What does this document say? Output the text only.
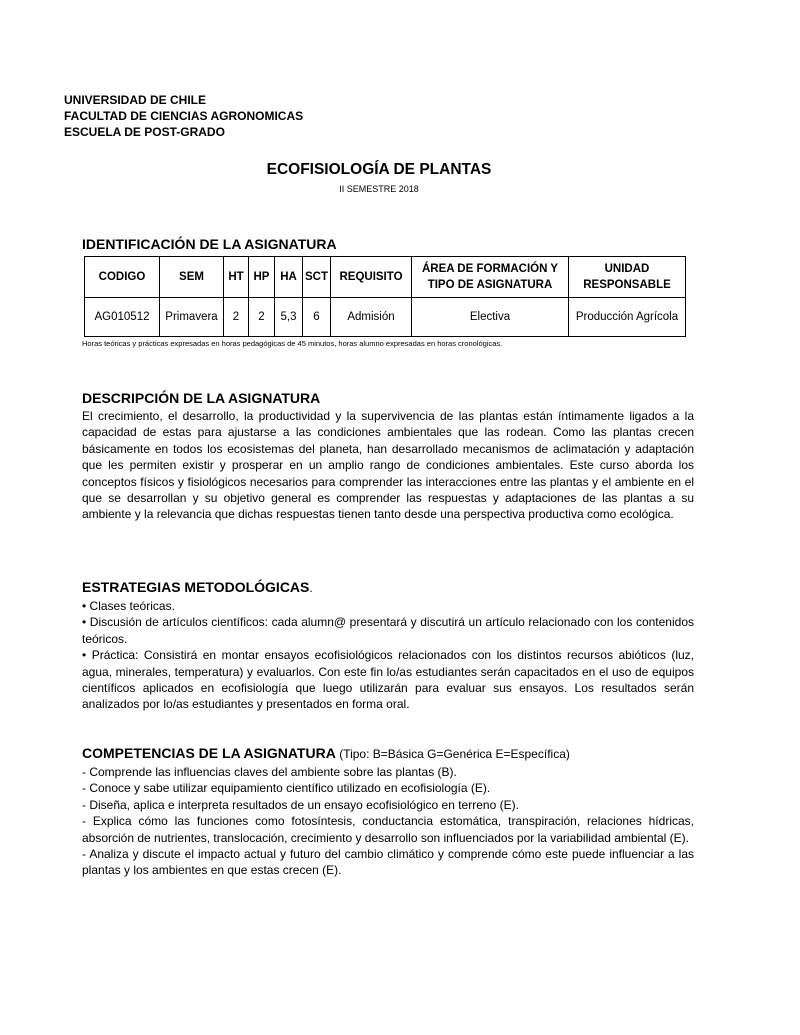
UNIVERSIDAD DE CHILE
FACULTAD DE CIENCIAS AGRONOMICAS
ESCUELA DE POST-GRADO
ECOFISIOLOGÍA DE PLANTAS
II SEMESTRE 2018
IDENTIFICACIÓN DE LA ASIGNATURA
CODIGO	SEM	HT	HP	HA	SCT	REQUISITO	ÁREA DE FORMACIÓN Y TIPO DE ASIGNATURA	UNIDAD RESPONSABLE
AG010512	Primavera	2	2	5,3	6	Admisión	Electiva	Producción Agrícola
Horas teóricas y prácticas expresadas en horas pedagógicas de 45 minutos, horas alumno expresadas en horas cronológicas.
DESCRIPCIÓN DE LA ASIGNATURA
El crecimiento, el desarrollo, la productividad y la supervivencia de las plantas están íntimamente ligados a la capacidad de estas para ajustarse a las condiciones ambientales que las rodean. Como las plantas crecen básicamente en todos los ecosistemas del planeta, han desarrollado mecanismos de aclimatación y adaptación que les permiten existir y prosperar en un amplio rango de condiciones ambientales. Este curso aborda los conceptos físicos y fisiológicos necesarios para comprender las interacciones entre las plantas y el ambiente en el que se desarrollan y su objetivo general es comprender las respuestas y adaptaciones de las plantas a su ambiente y la relevancia que dichas respuestas tienen tanto desde una perspectiva productiva como ecológica.
ESTRATEGIAS METODOLÓGICAS.
• Clases teóricas.
• Discusión de artículos científicos: cada alumn@ presentará y discutirá un artículo relacionado con los contenidos teóricos.
• Práctica: Consistirá en montar ensayos ecofisiológicos relacionados con los distintos recursos abióticos (luz, agua, minerales, temperatura) y evaluarlos. Con este fin lo/as estudiantes serán capacitados en el uso de equipos científicos aplicados en ecofisiología que luego utilizarán para evaluar sus ensayos. Los resultados serán analizados por lo/as estudiantes y presentados en forma oral.
COMPETENCIAS DE LA ASIGNATURA (Tipo: B=Básica G=Genérica E=Específica)
- Comprende las influencias claves del ambiente sobre las plantas (B).
- Conoce y sabe utilizar equipamiento científico utilizado en ecofisiología (E).
- Diseña, aplica e interpreta resultados de un ensayo ecofisiológico en terreno (E).
- Explica cómo las funciones como fotosíntesis, conductancia estomática, transpiración, relaciones hídricas, absorción de nutrientes, translocación, crecimiento y desarrollo son influenciados por la variabilidad ambiental (E).
- Analiza y discute el impacto actual y futuro del cambio climático y comprende cómo este puede influenciar a las plantas y los ambientes en que estas crecen (E).
